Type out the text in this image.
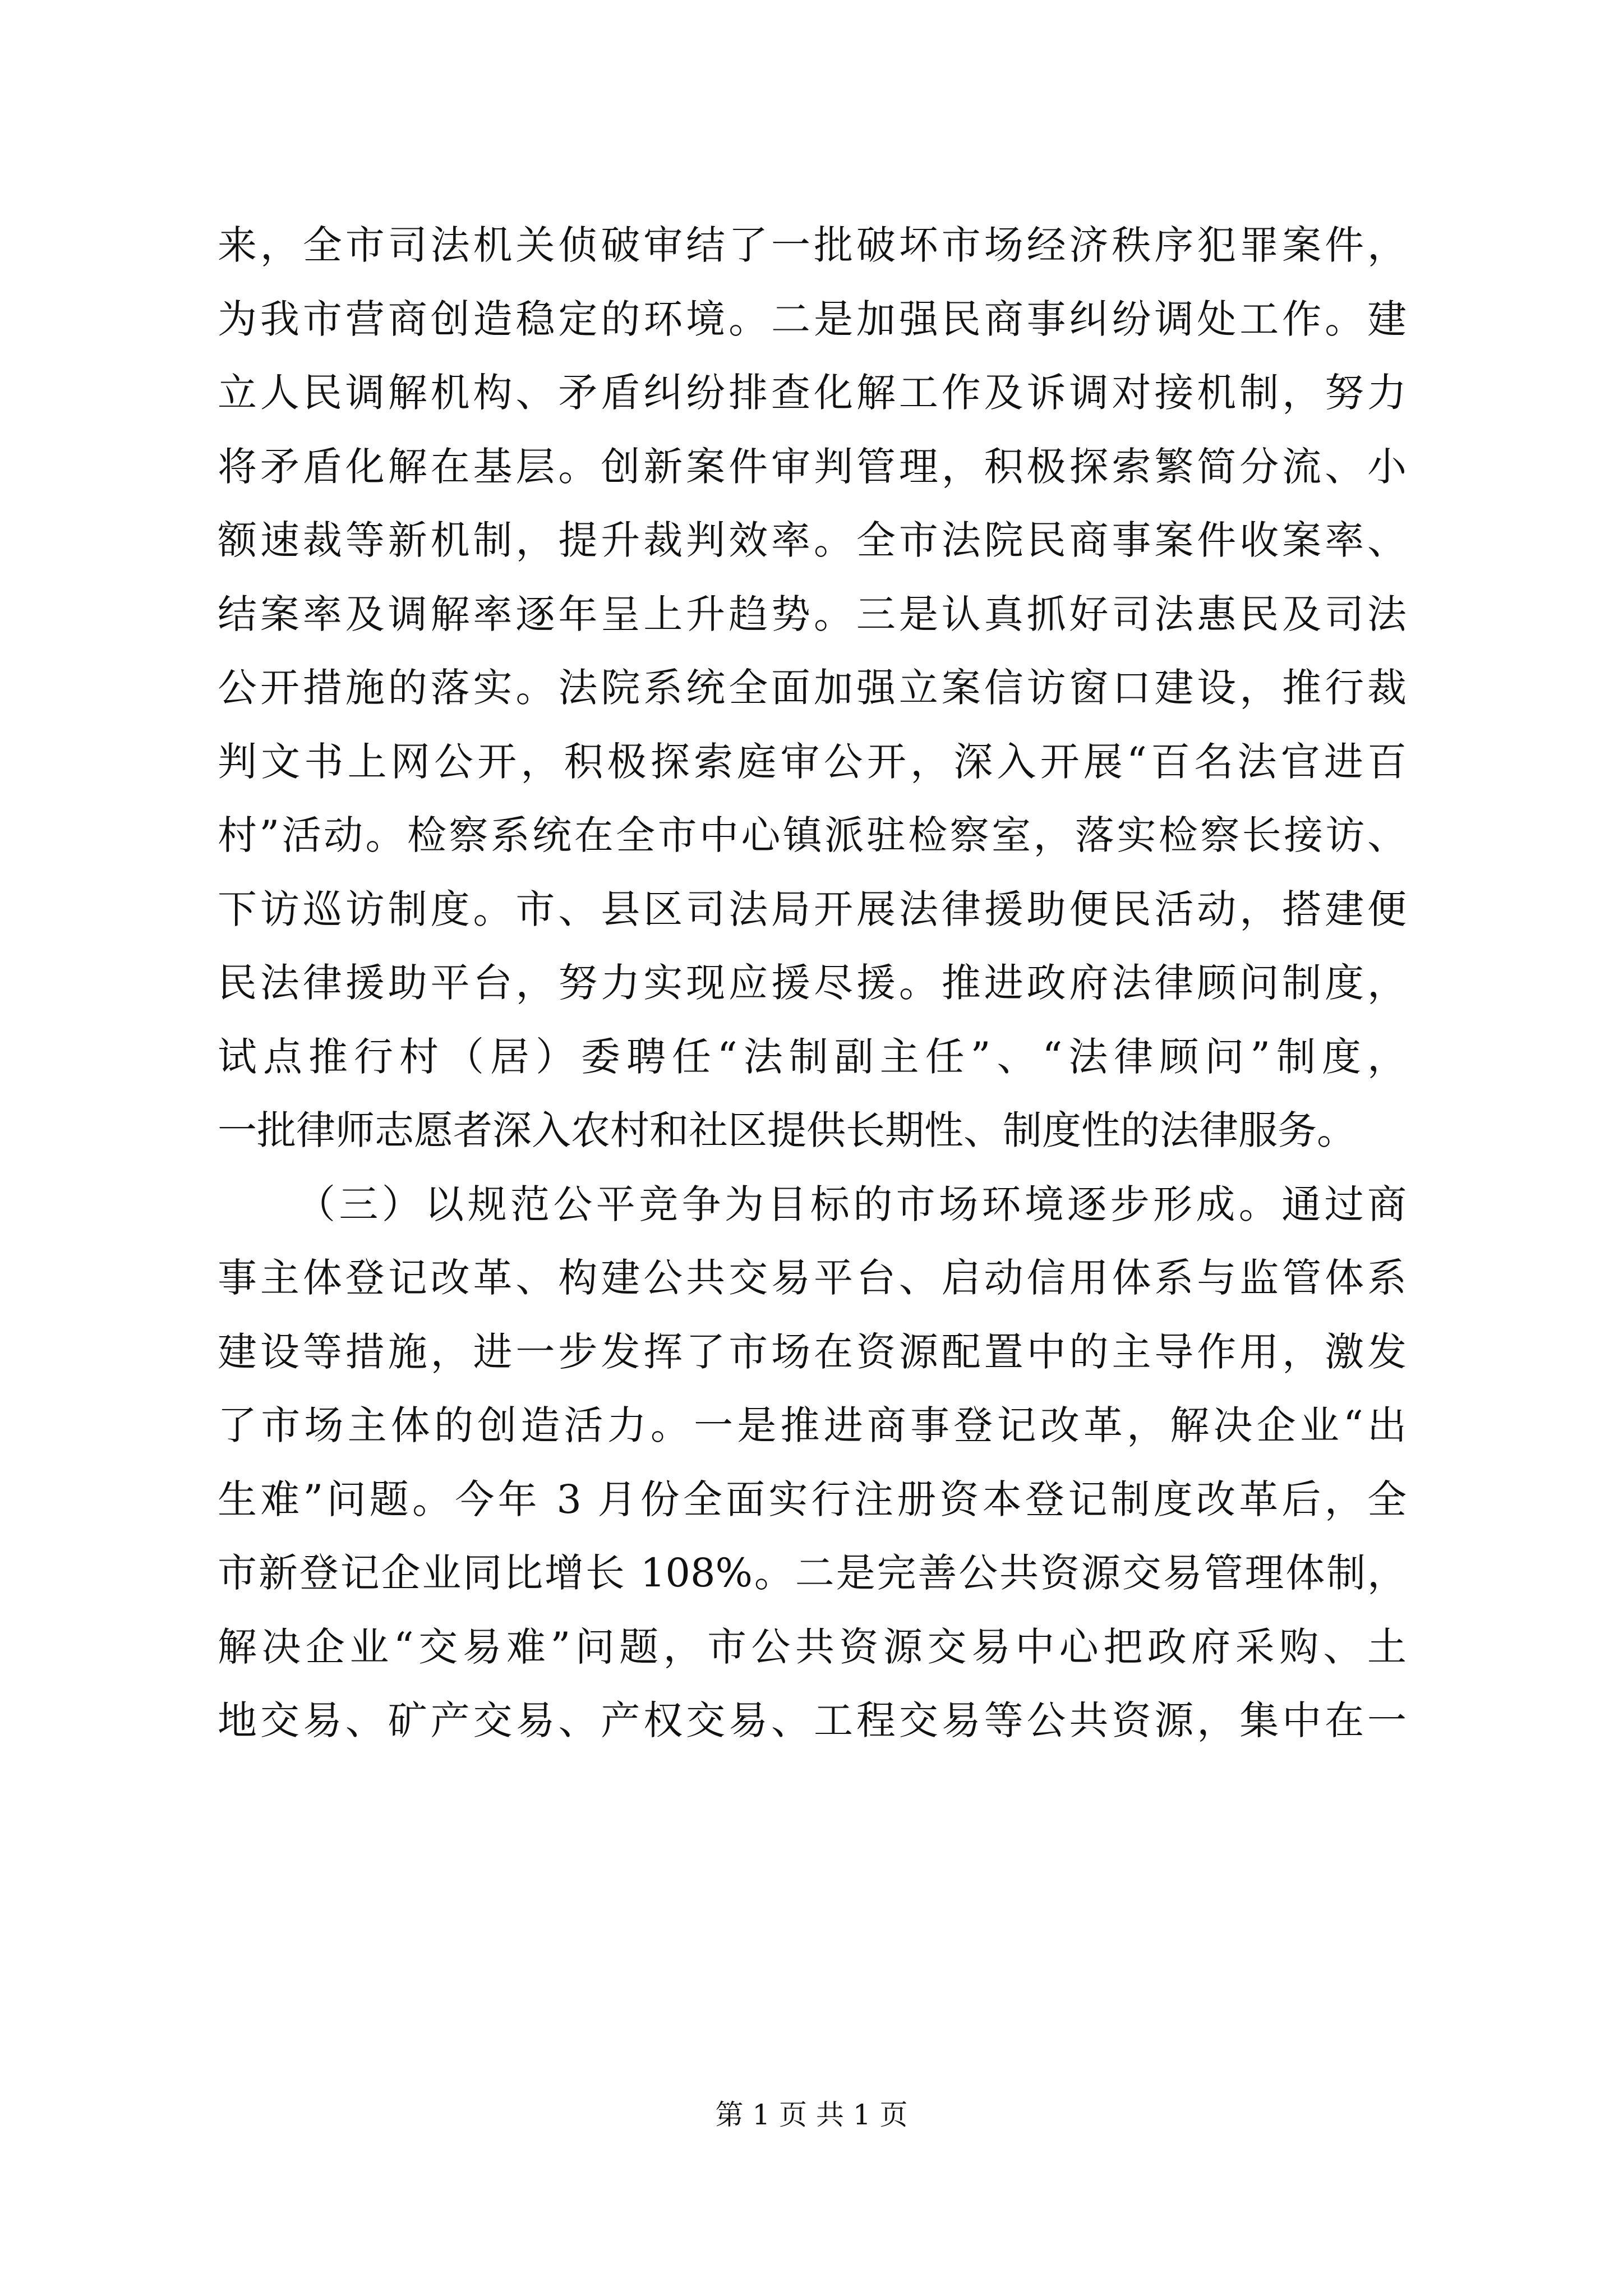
来，全市司法机关侦破审结了一批破坏市场经济秩序犯罪案件，
为我市营商创造稳定的环境。二是加强民商事纠纷调处工作。建
立人民调解机构、矛盾纠纷排查化解工作及诉调对接机制，努力
将矛盾化解在基层。创新案件审判管理，积极探索繁简分流、小
额速裁等新机制，提升裁判效率。全市法院民商事案件收案率、
结案率及调解率逐年呈上升趋势。三是认真抓好司法惠民及司法
公开措施的落实。法院系统全面加强立案信访窗口建设，推行裁
判文书上网公开，积极探索庭审公开，深入开展“百名法官进百
村”活动。检察系统在全市中心镇派驻检察室，落实检察长接访、
下访巡访制度。市、县区司法局开展法律援助便民活动，搭建便
民法律援助平台，努力实现应援尽援。推进政府法律顾问制度，
试点推行村（居）委聘任“法制副主任”、“法律顾问”制度，
一批律师志愿者深入农村和社区提供长期性、制度性的法律服务。
（三）以规范公平竞争为目标的市场环境逐步形成。通过商
事主体登记改革、构建公共交易平台、启动信用体系与监管体系
建设等措施，进一步发挥了市场在资源配置中的主导作用，激发
了市场主体的创造活力。一是推进商事登记改革，解决企业“出
生难”问题。今年 3 月份全面实行注册资本登记制度改革后，全
市新登记企业同比增长 108%。二是完善公共资源交易管理体制，
解决企业“交易难”问题，市公共资源交易中心把政府采购、土
地交易、矿产交易、产权交易、工程交易等公共资源，集中在一
第 1 页 共 1 页
